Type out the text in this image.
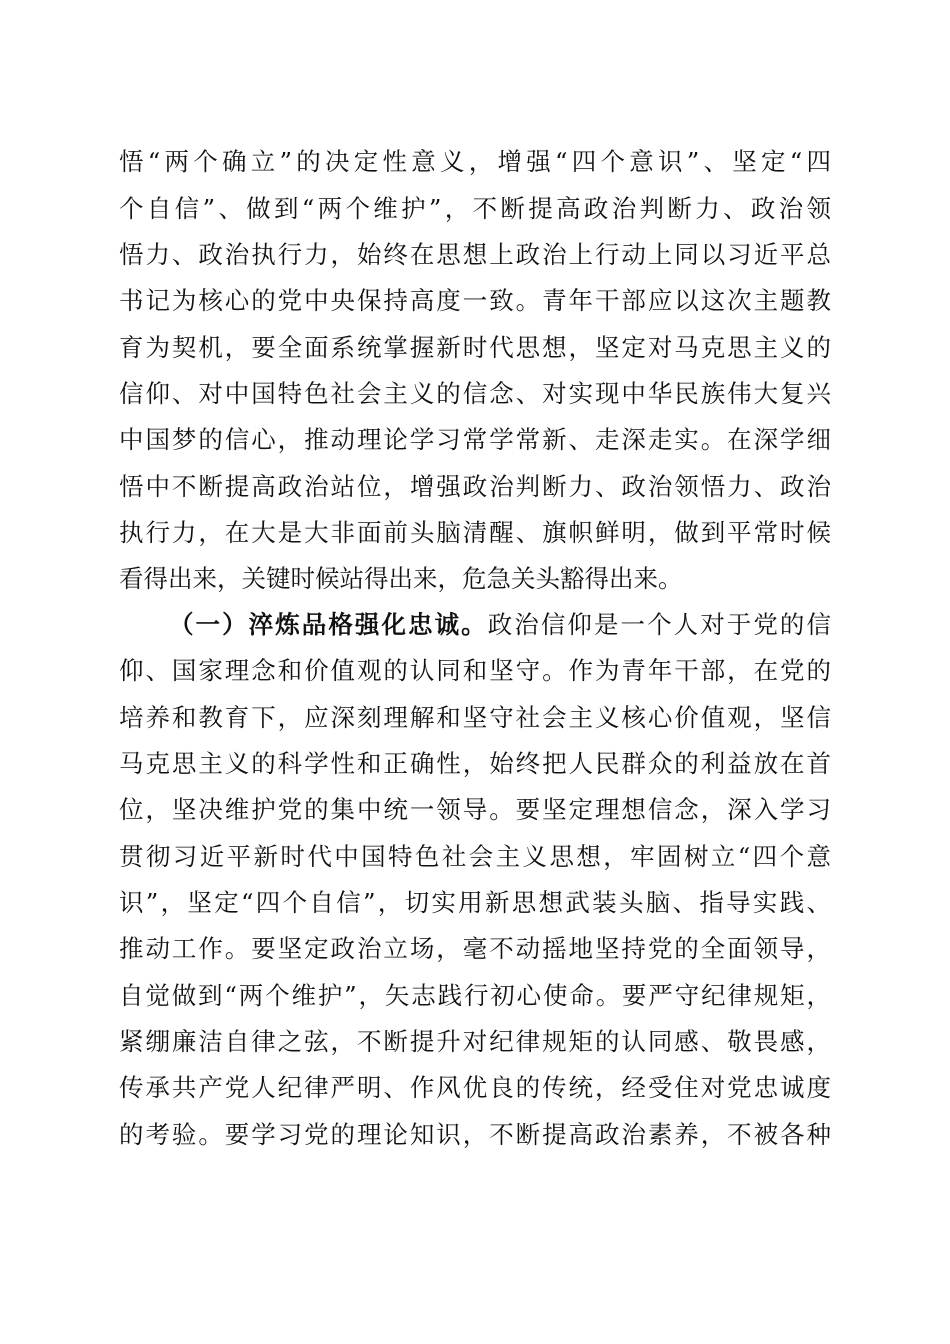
悟“两个确立”的决定性意义，增强“四个意识”、坚定“四
个自信”、做到“两个维护”，不断提高政治判断力、政治领
悟力、政治执行力，始终在思想上政治上行动上同以习近平总
书记为核心的党中央保持高度一致。青年干部应以这次主题教
育为契机，要全面系统掌握新时代思想，坚定对马克思主义的
信仰、对中国特色社会主义的信念、对实现中华民族伟大复兴
中国梦的信心，推动理论学习常学常新、走深走实。在深学细
悟中不断提高政治站位，增强政治判断力、政治领悟力、政治
执行力，在大是大非面前头脑清醒、旗帜鲜明，做到平常时候
看得出来，关键时候站得出来，危急关头豁得出来。
（一）淬炼品格强化忠诚。政治信仰是一个人对于党的信
仰、国家理念和价值观的认同和坚守。作为青年干部，在党的
培养和教育下，应深刻理解和坚守社会主义核心价值观，坚信
马克思主义的科学性和正确性，始终把人民群众的利益放在首
位，坚决维护党的集中统一领导。要坚定理想信念，深入学习
贯彻习近平新时代中国特色社会主义思想，牢固树立“四个意
识”，坚定“四个自信”，切实用新思想武装头脑、指导实践、
推动工作。要坚定政治立场，毫不动摇地坚持党的全面领导，
自觉做到“两个维护”，矢志践行初心使命。要严守纪律规矩，
紧绷廉洁自律之弦，不断提升对纪律规矩的认同感、敬畏感，
传承共产党人纪律严明、作风优良的传统，经受住对党忠诚度
的考验。要学习党的理论知识，不断提高政治素养，不被各种
